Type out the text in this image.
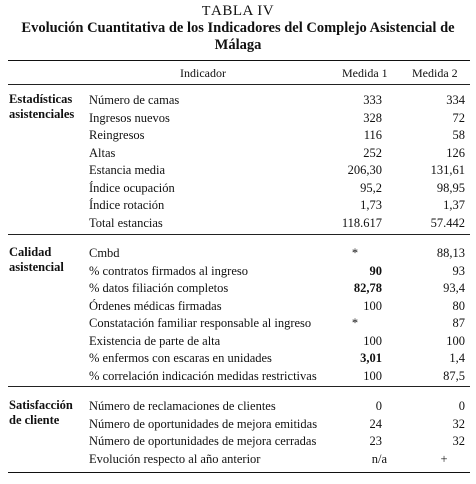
TABLA IV
Evolución Cuantitativa de los Indicadores del Complejo Asistencial de Málaga
Indicador	Medida 1 Medida 2
Estadísticas asistenciales
Número de camas	333	334
Ingresos nuevos	328	72
Reingresos	116	58
Altas	252	126
Estancia media	206,30	131,61
Índice ocupación	95,2	98,95
Índice rotación	1,73	1,37
Total estancias	118.617	57.442
Calidad asistencial
Cmbd	*	88,13
% contratos firmados al ingreso	90	93
% datos filiación completos	82,78	93,4
Órdenes médicas firmadas	100	80
Constatación familiar responsable al ingreso	*	87
Existencia de parte de alta	100	100
% enfermos con escaras en unidades	3,01	1,4
% correlación indicación medidas restrictivas	100	87,5
Satisfacción de cliente
Número de reclamaciones de clientes	0	0
Número de oportunidades de mejora emitidas	24	32
Número de oportunidades de mejora cerradas	23	32
Evolución respecto al año anterior	n/a	+
